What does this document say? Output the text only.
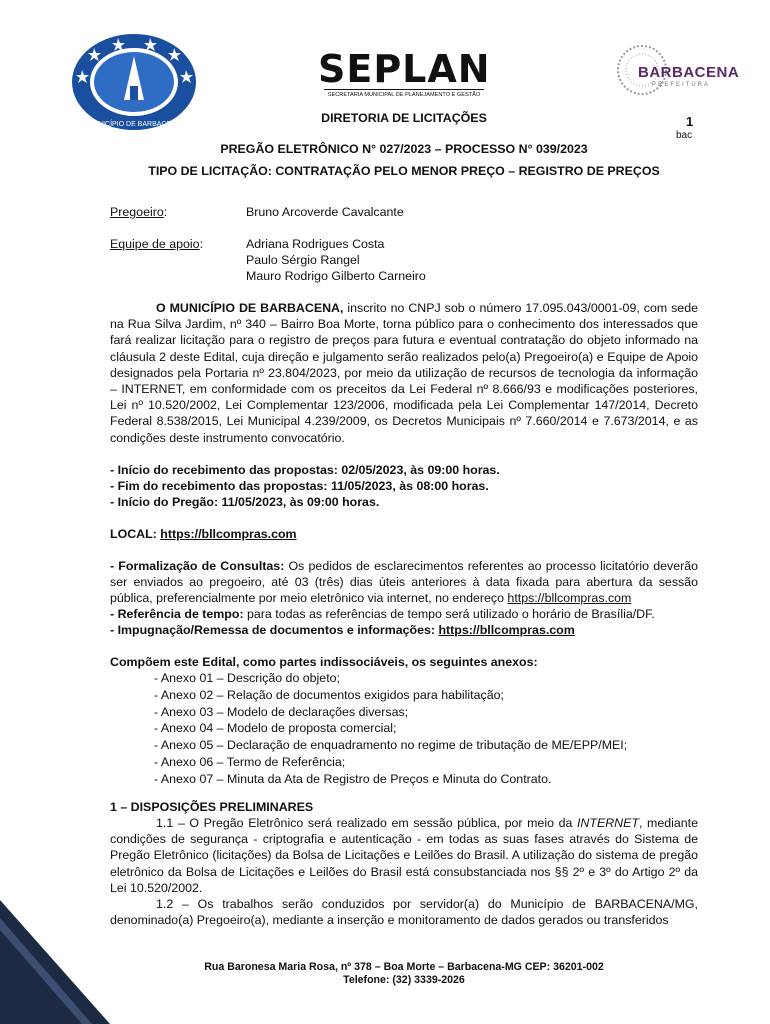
MUNICÍPIO DE BARBACENA
SEPLAN
SECRETARIA MUNICIPAL DE PLANEJAMENTO E GESTÃO
BARBACENA
PREFEITURA
1
bac
DIRETORIA DE LICITAÇÕES
PREGÃO ELETRÔNICO N° 027/2023 – PROCESSO N° 039/2023
TIPO DE LICITAÇÃO: CONTRATAÇÃO PELO MENOR PREÇO – REGISTRO DE PREÇOS
Pregoeiro:	Bruno Arcoverde Cavalcante
Equipe de apoio:	Adriana Rodrigues Costa
Paulo Sérgio Rangel
Mauro Rodrigo Gilberto Carneiro
O MUNICÍPIO DE BARBACENA, inscrito no CNPJ sob o número 17.095.043/0001-09, com sede na Rua Silva Jardim, nº 340 – Bairro Boa Morte, torna público para o conhecimento dos interessados que fará realizar licitação para o registro de preços para futura e eventual contratação do objeto informado na cláusula 2 deste Edital, cuja direção e julgamento serão realizados pelo(a) Pregoeiro(a) e Equipe de Apoio designados pela Portaria nº 23.804/2023, por meio da utilização de recursos de tecnologia da informação – INTERNET, em conformidade com os preceitos da Lei Federal nº 8.666/93 e modificações posteriores, Lei nº 10.520/2002, Lei Complementar 123/2006, modificada pela Lei Complementar 147/2014, Decreto Federal 8.538/2015, Lei Municipal 4.239/2009, os Decretos Municipais nº 7.660/2014 e 7.673/2014, e as condições deste instrumento convocatório.
- Início do recebimento das propostas: 02/05/2023, às 09:00 horas.
- Fim do recebimento das propostas: 11/05/2023, às 08:00 horas.
- Início do Pregão: 11/05/2023, às 09:00 horas.
LOCAL: https://bllcompras.com
- Formalização de Consultas: Os pedidos de esclarecimentos referentes ao processo licitatório deverão ser enviados ao pregoeiro, até 03 (três) dias úteis anteriores à data fixada para abertura da sessão pública, preferencialmente por meio eletrônico via internet, no endereço https://bllcompras.com
- Referência de tempo: para todas as referências de tempo será utilizado o horário de Brasília/DF.
- Impugnação/Remessa de documentos e informações: https://bllcompras.com
Compõem este Edital, como partes indissociáveis, os seguintes anexos:
- Anexo 01 – Descrição do objeto;
- Anexo 02 – Relação de documentos exigidos para habilitação;
- Anexo 03 – Modelo de declarações diversas;
- Anexo 04 – Modelo de proposta comercial;
- Anexo 05 – Declaração de enquadramento no regime de tributação de ME/EPP/MEI;
- Anexo 06 – Termo de Referência;
- Anexo 07 – Minuta da Ata de Registro de Preços e Minuta do Contrato.
1 – DISPOSIÇÕES PRELIMINARES
1.1 – O Pregão Eletrônico será realizado em sessão pública, por meio da INTERNET, mediante condições de segurança - criptografia e autenticação - em todas as suas fases através do Sistema de Pregão Eletrônico (licitações) da Bolsa de Licitações e Leilões do Brasil. A utilização do sistema de pregão eletrônico da Bolsa de Licitações e Leilões do Brasil está consubstanciada nos §§ 2º e 3º do Artigo 2º da Lei 10.520/2002.
1.2 – Os trabalhos serão conduzidos por servidor(a) do Município de BARBACENA/MG, denominado(a) Pregoeiro(a), mediante a inserção e monitoramento de dados gerados ou transferidos
Rua Baronesa Maria Rosa, nº 378 – Boa Morte – Barbacena-MG CEP: 36201-002
Telefone: (32) 3339-2026
